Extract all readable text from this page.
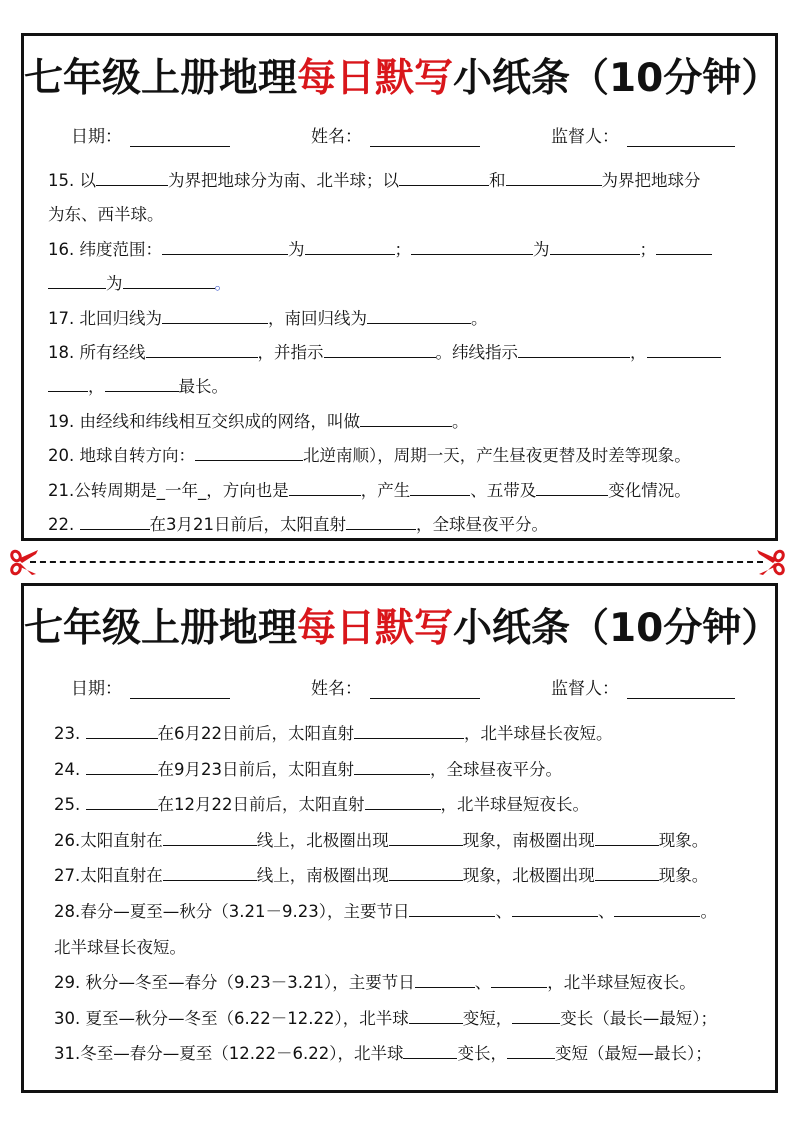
七年级上册地理每日默写小纸条（10分钟）
日期：	姓名：	监督人：
15. 以	为界把地球分为南、北半球；以	和	为界把地球分
为东、西半球。
16. 纬度范围：	为	；	为	；
为	。
17. 北回归线为	，南回归线为	。
18. 所有经线	，并指示	。纬线指示	，
，	最长。
19. 由经线和纬线相互交织成的网络，叫做	。
20. 地球自转方向：	北逆南顺），周期一天，产生昼夜更替及时差等现象。
21.公转周期是_一年_，方向也是	，产生	、五带及	变化情况。
22.	在3月21日前后，太阳直射	，全球昼夜平分。
七年级上册地理每日默写小纸条（10分钟）
日期：	姓名：	监督人：
23.	在6月22日前后，太阳直射	，北半球昼长夜短。
24.	在9月23日前后，太阳直射	，全球昼夜平分。
25.	在12月22日前后，太阳直射	，北半球昼短夜长。
26.太阳直射在	线上，北极圈出现	现象，南极圈出现	现象。
27.太阳直射在	线上，南极圈出现	现象，北极圈出现	现象。
28.春分—夏至—秋分（3.21－9.23），主要节日	、	、	。
北半球昼长夜短。
29. 秋分—冬至—春分（9.23－3.21），主要节日	、	，北半球昼短夜长。
30. 夏至—秋分—冬至（6.22－12.22），北半球	变短，	变长（最长—最短）；
31.冬至—春分—夏至（12.22－6.22），北半球	变长，	变短（最短—最长）；
